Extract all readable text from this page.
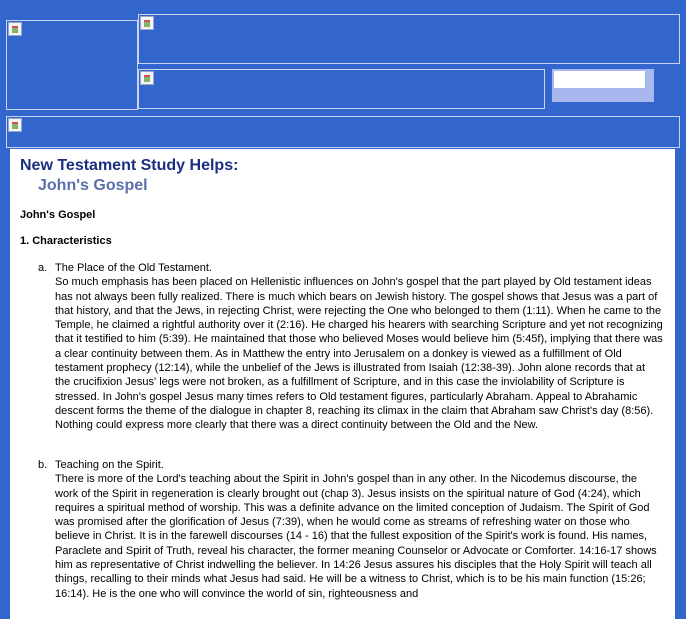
New Testament Study Helps:
John's Gospel
John's Gospel
1. Characteristics
a. The Place of the Old Testament.
So much emphasis has been placed on Hellenistic influences on John's gospel that the part played by Old testament ideas has not always been fully realized. There is much which bears on Jewish history. The gospel shows that Jesus was a part of that history, and that the Jews, in rejecting Christ, were rejecting the One who belonged to them (1:11). When he came to the Temple, he claimed a rightful authority over it (2:16). He charged his hearers with searching Scripture and yet not recognizing that it testified to him (5:39). He maintained that those who believed Moses would believe him (5:45f), implying that there was a clear continuity between them. As in Matthew the entry into Jerusalem on a donkey is viewed as a fulfillment of Old testament prophecy (12:14), while the unbelief of the Jews is illustrated from Isaiah (12:38-39). John alone records that at the crucifixion Jesus' legs were not broken, as a fulfillment of Scripture, and in this case the inviolability of Scripture is stressed. In John's gospel Jesus many times refers to Old testament figures, particularly Abraham. Appeal to Abrahamic descent forms the theme of the dialogue in chapter 8, reaching its climax in the claim that Abraham saw Christ's day (8:56). Nothing could express more clearly that there was a direct continuity between the Old and the New.
b. Teaching on the Spirit.
There is more of the Lord's teaching about the Spirit in John's gospel than in any other. In the Nicodemus discourse, the work of the Spirit in regeneration is clearly brought out (chap 3). Jesus insists on the spiritual nature of God (4:24), which requires a spiritual method of worship. This was a definite advance on the limited conception of Judaism. The Spirit of God was promised after the glorification of Jesus (7:39), when he would come as streams of refreshing water on those who believe in Christ. It is in the farewell discourses (14 - 16) that the fullest exposition of the Spirit's work is found. His names, Paraclete and Spirit of Truth, reveal his character, the former meaning Counselor or Advocate or Comforter. 14:16-17 shows him as representative of Christ indwelling the believer. In 14:26 Jesus assures his disciples that the Holy Spirit will teach all things, recalling to their minds what Jesus had said. He will be a witness to Christ, which is to be his main function (15:26; 16:14). He is the one who will convince the world of sin, righteousness and
